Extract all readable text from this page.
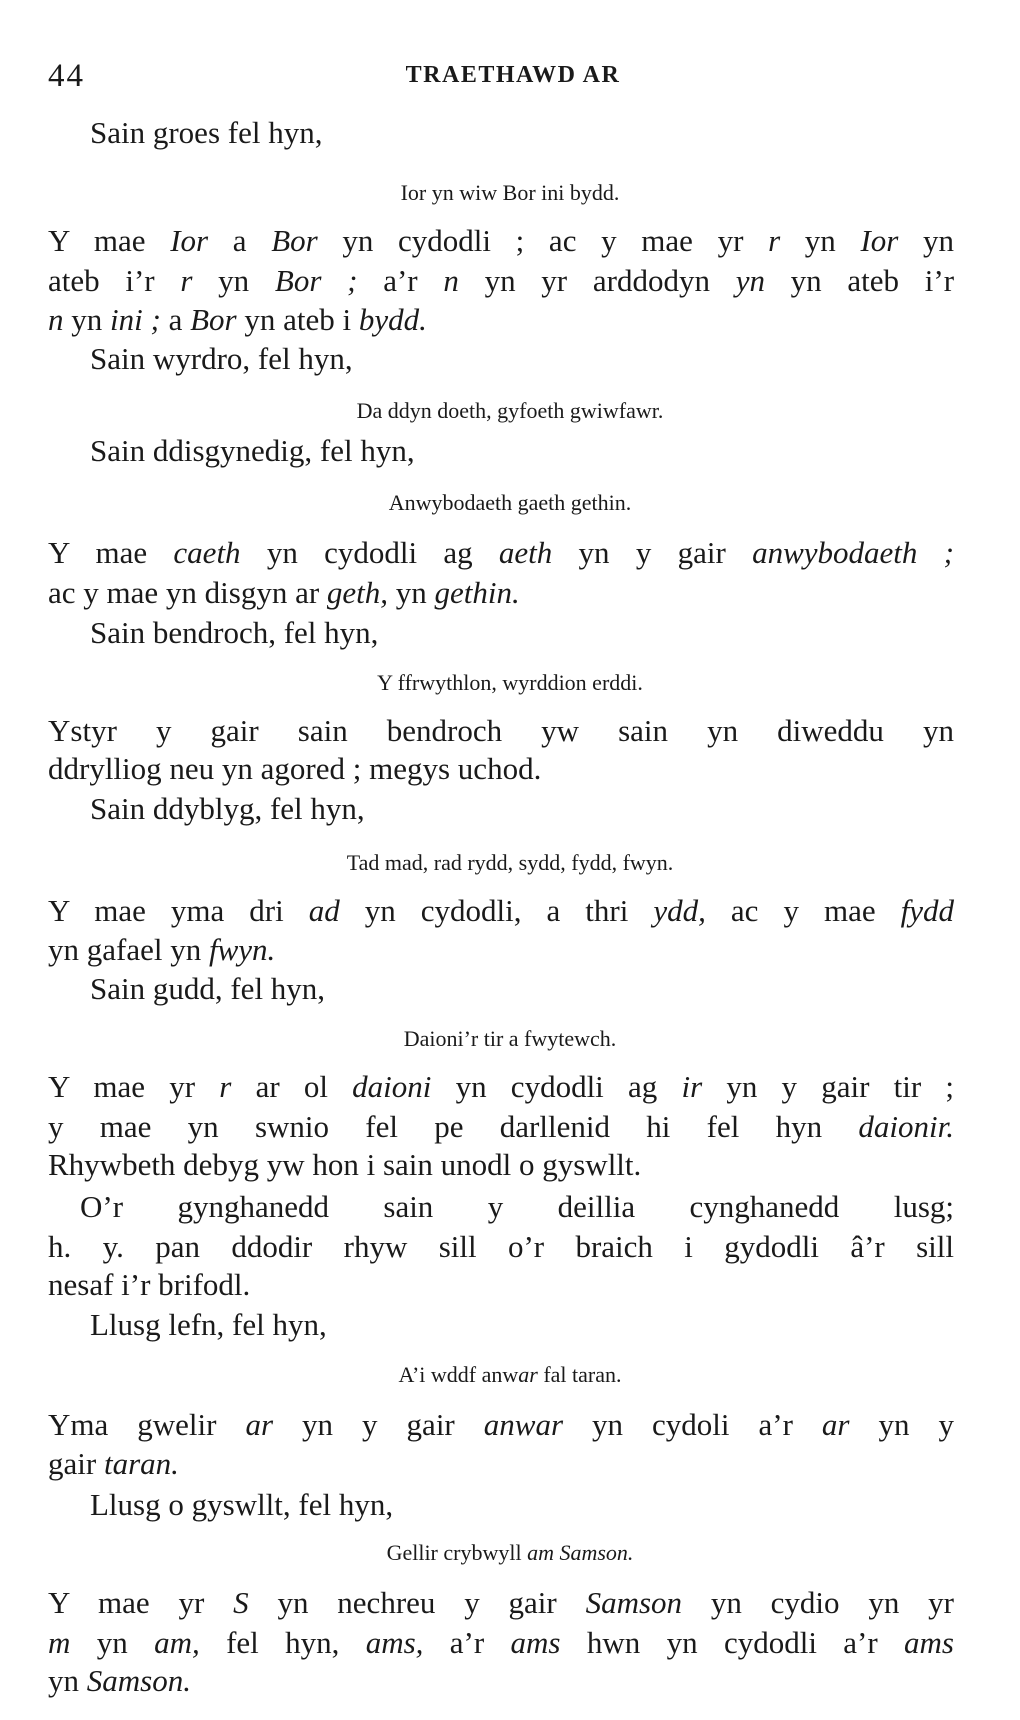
44	TRAETHAWD AR
Sain groes fel hyn,
Ior yn wiw Bor ini bydd.
Y mae Ior a Bor yn cydodli ; ac y mae yr r yn Ior yn
ateb i’r r yn Bor ; a’r n yn yr arddodyn yn yn ateb i’r
n yn ini ; a Bor yn ateb i bydd.
Sain wyrdro, fel hyn,
Da ddyn doeth, gyfoeth gwiwfawr.
Sain ddisgynedig, fel hyn,
Anwybodaeth gaeth gethin.
Y mae caeth yn cydodli ag aeth yn y gair anwybodaeth ;
ac y mae yn disgyn ar geth, yn gethin.
Sain bendroch, fel hyn,
Y ffrwythlon, wyrddion erddi.
Ystyr y gair sain bendroch yw sain yn diweddu yn
ddrylliog neu yn agored ; megys uchod.
Sain ddyblyg, fel hyn,
Tad mad, rad rydd, sydd, fydd, fwyn.
Y mae yma dri ad yn cydodli, a thri ydd, ac y mae fydd
yn gafael yn fwyn.
Sain gudd, fel hyn,
Daioni’r tir a fwytewch.
Y mae yr r ar ol daioni yn cydodli ag ir yn y gair tir ;
y mae yn swnio fel pe darllenid hi fel hyn daionir.
Rhywbeth debyg yw hon i sain unodl o gyswllt.
O’r gynghanedd sain y deillia cynghanedd lusg;
h. y. pan ddodir rhyw sill o’r braich i gydodli â’r sill
nesaf i’r brifodl.
Llusg lefn, fel hyn,
A’i wddf anwar fal taran.
Yma gwelir ar yn y gair anwar yn cydoli a’r ar yn y
gair taran.
Llusg o gyswllt, fel hyn,
Gellir crybwyll am Samson.
Y mae yr S yn nechreu y gair Samson yn cydio yn yr
m yn am, fel hyn, ams, a’r ams hwn yn cydodli a’r ams
yn Samson.
